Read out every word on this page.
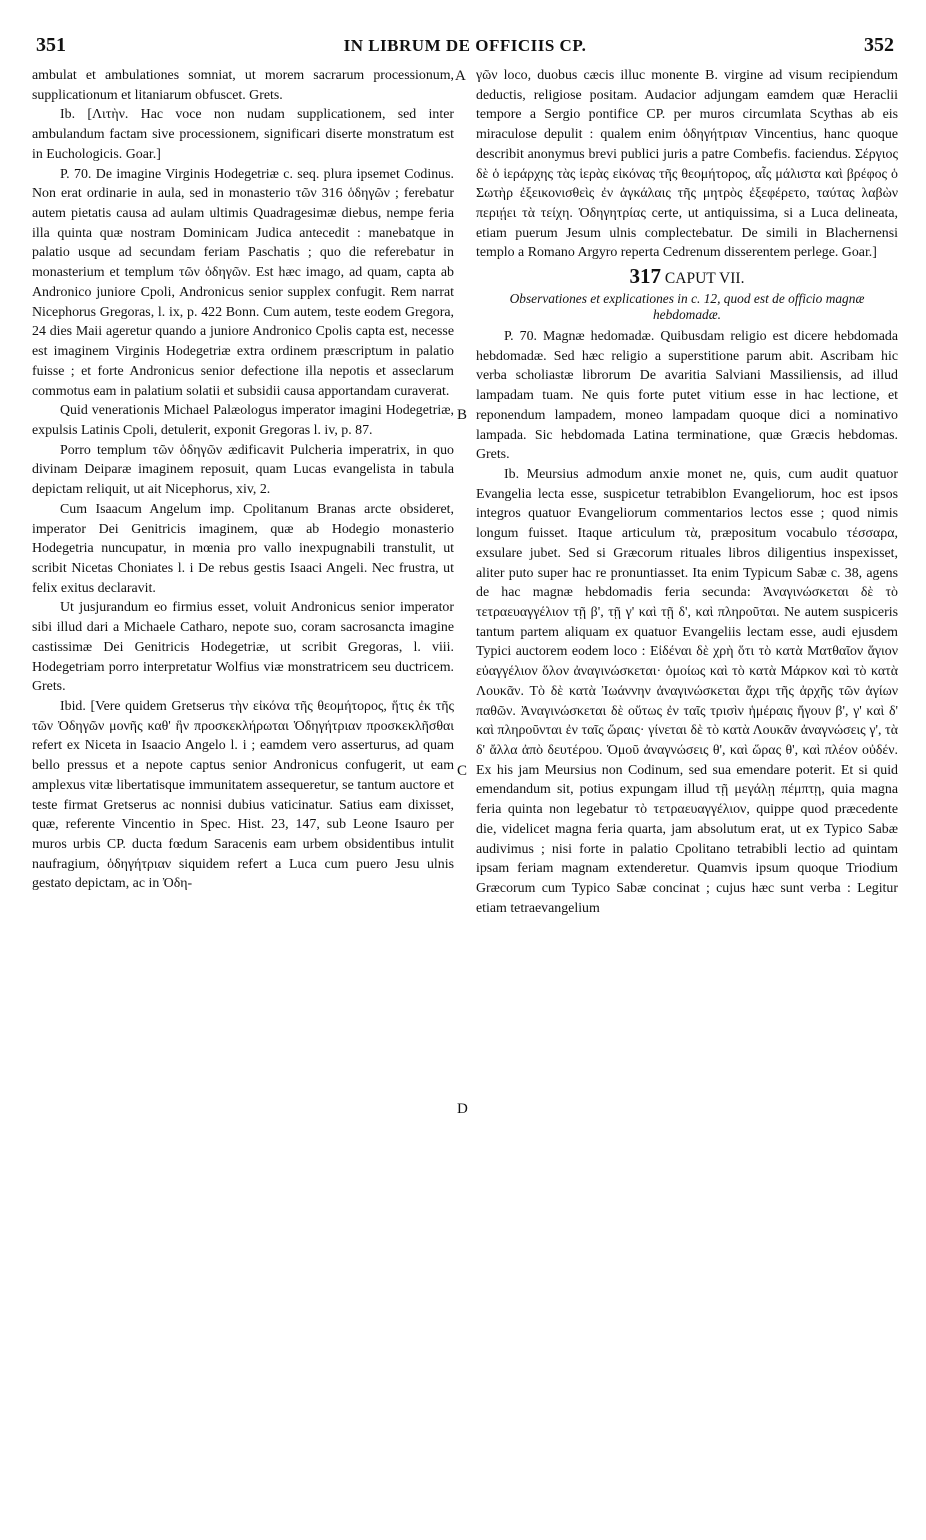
351	IN LIBRUM DE OFFICIIS CP.	352
A
B
C
D

ambulat et ambulationes somniat, ut morem sacrarum processionum, supplicationum et litaniarum obfuscet. Grets.

Ib. [Λιτὴν. Hac voce non nudam supplicationem, sed inter ambulandum factam sive processionem, significari diserte monstratum est in Euchologicis. Goar.]

P. 70. De imagine Virginis Hodegetriæ c. seq. plura ipsemet Codinus. Non erat ordinarie in aula, sed in monasterio τῶν 316 ὁδηγῶν ; ferebatur autem pietatis causa ad aulam ultimis Quadragesimæ diebus, nempe feria illa quinta quæ nostram Dominicam Judica antecedit : manebatque in palatio usque ad secundam feriam Paschatis ; quo die referebatur in monasterium et templum τῶν ὁδηγῶν. Est hæc imago, ad quam, capta ab Andronico juniore Cpoli, Andronicus senior supplex confugit. Rem narrat Nicephorus Gregoras, l. ix, p. 422 Bonn. Cum autem, teste eodem Gregora, 24 dies Maii ageretur quando a juniore Andronico Cpolis capta est, necesse est imaginem Virginis Hodegetriæ extra ordinem præscriptum in palatio fuisse ; et forte Andronicus senior defectione illa nepotis et asseclarum commotus eam in palatium solatii et subsidii causa apportandam curaverat.

Quid venerationis Michael Palæologus imperator imagini Hodegetriæ, expulsis Latinis Cpoli, detulerit, exponit Gregoras l. iv, p. 87.

Porro templum τῶν ὁδηγῶν ædificavit Pulcheria imperatrix, in quo divinam Deiparæ imaginem reposuit, quam Lucas evangelista in tabula depictam reliquit, ut ait Nicephorus, xiv, 2.

Cum Isaacum Angelum imp. Cpolitanum Branas arcte obsideret, imperator Dei Genitricis imaginem, quæ ab Hodegio monasterio Hodegetria nuncupatur, in mœnia pro vallo inexpugnabili transtulit, ut scribit Nicetas Choniates l. i De rebus gestis Isaaci Angeli. Nec frustra, ut felix exitus declaravit.

Ut jusjurandum eo firmius esset, voluit Andronicus senior imperator sibi illud dari a Michaele Catharo, nepote suo, coram sacrosancta imagine castissimæ Dei Genitricis Hodegetriæ, ut scribit Gregoras, l. viii. Hodegetriam porro interpretatur Wolfius viæ monstratricem seu ductricem. Grets.

Ibid. [Vere quidem Gretserus τὴν εἰκόνα τῆς θεομήτορος, ἥτις ἐκ τῆς τῶν Ὀδηγῶν μονῆς καθ' ἣν προσκεκλήρωται Ὁδηγήτριαν προσκεκλῆσθαι refert ex Niceta in Isaacio Angelo l. i ; eamdem vero asserturus, ad quam bello pressus et a nepote captus senior Andronicus confugerit, ut eam amplexus vitæ libertatisque immunitatem assequeretur, se tantum auctore et teste firmat Gretserus ac nonnisi dubius vaticinatur. Satius eam dixisset, quæ, referente Vincentio in Spec. Hist. 23, 147, sub Leone Isauro per muros urbis CP. ducta fœdum Saracenis eam urbem obsidentibus intulit naufragium, ὁδηγήτριαν siquidem refert a Luca cum puero Jesu ulnis gestato depictam, ac in Ὀδη-

γῶν loco, duobus cæcis illuc monente B. virgine ad visum recipiendum deductis, religiose positam. Audacior adjungam eamdem quæ Heraclii tempore a Sergio pontifice CP. per muros circumlata Scythas ab eis miraculose depulit : qualem enim ὁδηγήτριαν Vincentius, hanc quoque describit anonymus brevi publici juris a patre Combefis. faciendus. Σέργιος δὲ ὁ ἱεράρχης τὰς ἱερὰς εἰκόνας τῆς θεομήτορος, αἷς μάλιστα καὶ βρέφος ὁ Σωτὴρ ἐξεικονισθεὶς ἐν ἀγκάλαις τῆς μητρὸς ἐξεφέρετο, ταύτας λαβὼν περιῄει τὰ τείχη. Ὁδηγητρίας certe, ut antiquissima, si a Luca delineata, etiam puerum Jesum ulnis complectebatur. De simili in Blachernensi templo a Romano Argyro reperta Cedrenum disserentem perlege. Goar.]

317 CAPUT VII.
Observationes et explicationes in c. 12, quod est de officio magnæ hebdomadæ.

P. 70. Magnæ hedomadæ. Quibusdam religio est dicere hebdomada hebdomadæ. Sed hæc religio a superstitione parum abit. Ascribam hic verba scholiastæ librorum De avaritia Salviani Massiliensis, ad illud lampadam tuam. Ne quis forte putet vitium esse in hac lectione, et reponendum lampadem, moneo lampadam quoque dici a nominativo lampada. Sic hebdomada Latina terminatione, quæ Græcis hebdomas. Grets.

Ib. Meursius admodum anxie monet ne, quis, cum audit quatuor Evangelia lecta esse, suspicetur tetrabiblon Evangeliorum, hoc est ipsos integros quatuor Evangeliorum commentarios lectos esse ; quod nimis longum fuisset. Itaque articulum τὰ, præpositum vocabulo τέσσαρα, exsulare jubet. Sed si Græcorum rituales libros diligentius inspexisset, aliter puto super hac re pronuntiasset. Ita enim Typicum Sabæ c. 38, agens de hac magnæ hebdomadis feria secunda: Ἀναγινώσκεται δὲ τὸ τετραευαγγέλιον τῇ β', τῇ γ' καὶ τῇ δ', καὶ πληροῦται. Ne autem suspiceris tantum partem aliquam ex quatuor Evangeliis lectam esse, audi ejusdem Typici auctorem eodem loco : Εἰδέναι δὲ χρὴ ὅτι τὸ κατὰ Ματθαῖον ἅγιον εὐαγγέλιον ὅλον ἀναγινώσκεται· ὁμοίως καὶ τὸ κατὰ Μάρκον καὶ τὸ κατὰ Λουκᾶν. Τὸ δὲ κατὰ Ἰωάννην ἀναγινώσκεται ἄχρι τῆς ἀρχῆς τῶν ἁγίων παθῶν. Ἀναγινώσκεται δὲ οὕτως ἐν ταῖς τρισὶν ἡμέραις ἤγουν β', γ' καὶ δ' καὶ πληροῦνται ἐν ταῖς ὥραις· γίνεται δὲ τὸ κατὰ Λουκᾶν ἀναγνώσεις γ', τὰ δ' ἄλλα ἀπὸ δευτέρου. Ὁμοῦ ἀναγνώσεις θ', καὶ ὥρας θ', καὶ πλέον οὐδέν. Ex his jam Meursius non Codinum, sed sua emendare poterit. Et si quid emendandum sit, potius expungam illud τῇ μεγάλῃ πέμπτῃ, quia magna feria quinta non legebatur τὸ τετραευαγγέλιον, quippe quod præcedente die, videlicet magna feria quarta, jam absolutum erat, ut ex Typico Sabæ audivimus ; nisi forte in palatio Cpolitano tetrabibli lectio ad quintam ipsam feriam magnam extenderetur. Quamvis ipsum quoque Triodium Græcorum cum Typico Sabæ concinat ; cujus hæc sunt verba : Legitur etiam tetraevangelium
